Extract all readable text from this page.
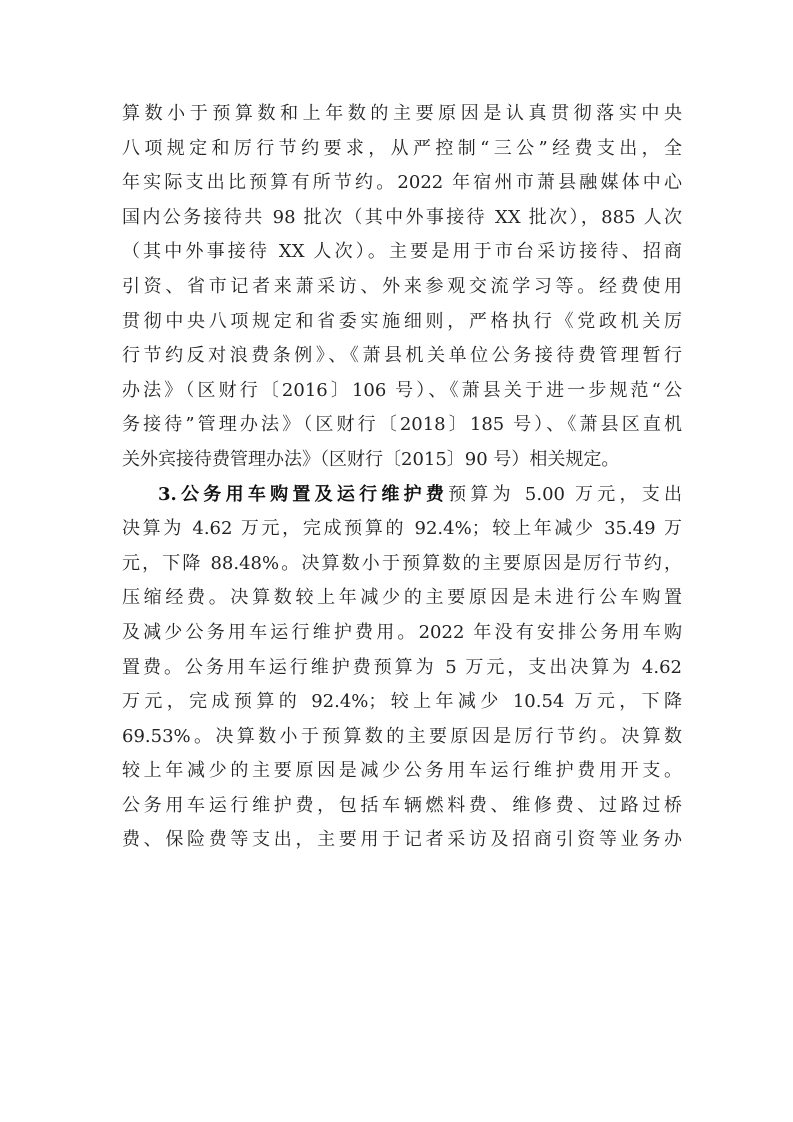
算数小于预算数和上年数的主要原因是认真贯彻落实中央
八项规定和厉行节约要求，从严控制“三公”经费支出，全
年实际支出比预算有所节约。2022 年宿州市萧县融媒体中心
国内公务接待共 98 批次（其中外事接待 XX 批次），885 人次
（其中外事接待 XX 人次）。主要是用于市台采访接待、招商
引资、省市记者来萧采访、外来参观交流学习等。经费使用
贯彻中央八项规定和省委实施细则，严格执行《党政机关厉
行节约反对浪费条例》、《萧县机关单位公务接待费管理暂行
办法》（区财行〔2016〕106 号）、《萧县关于进一步规范“公
务接待”管理办法》（区财行〔2018〕185 号）、《萧县区直机
关外宾接待费管理办法》（区财行〔2015〕90 号）相关规定。
3.公务用车购置及运行维护费预算为 5.00 万元，支出
决算为 4.62 万元，完成预算的 92.4%；较上年减少 35.49 万
元，下降 88.48%。决算数小于预算数的主要原因是厉行节约，
压缩经费。决算数较上年减少的主要原因是未进行公车购置
及减少公务用车运行维护费用。2022 年没有安排公务用车购
置费。公务用车运行维护费预算为 5 万元，支出决算为 4.62
万元，完成预算的 92.4%；较上年减少 10.54 万元，下降
69.53%。决算数小于预算数的主要原因是厉行节约。决算数
较上年减少的主要原因是减少公务用车运行维护费用开支。
公务用车运行维护费，包括车辆燃料费、维修费、过路过桥
费、保险费等支出，主要用于记者采访及招商引资等业务办
